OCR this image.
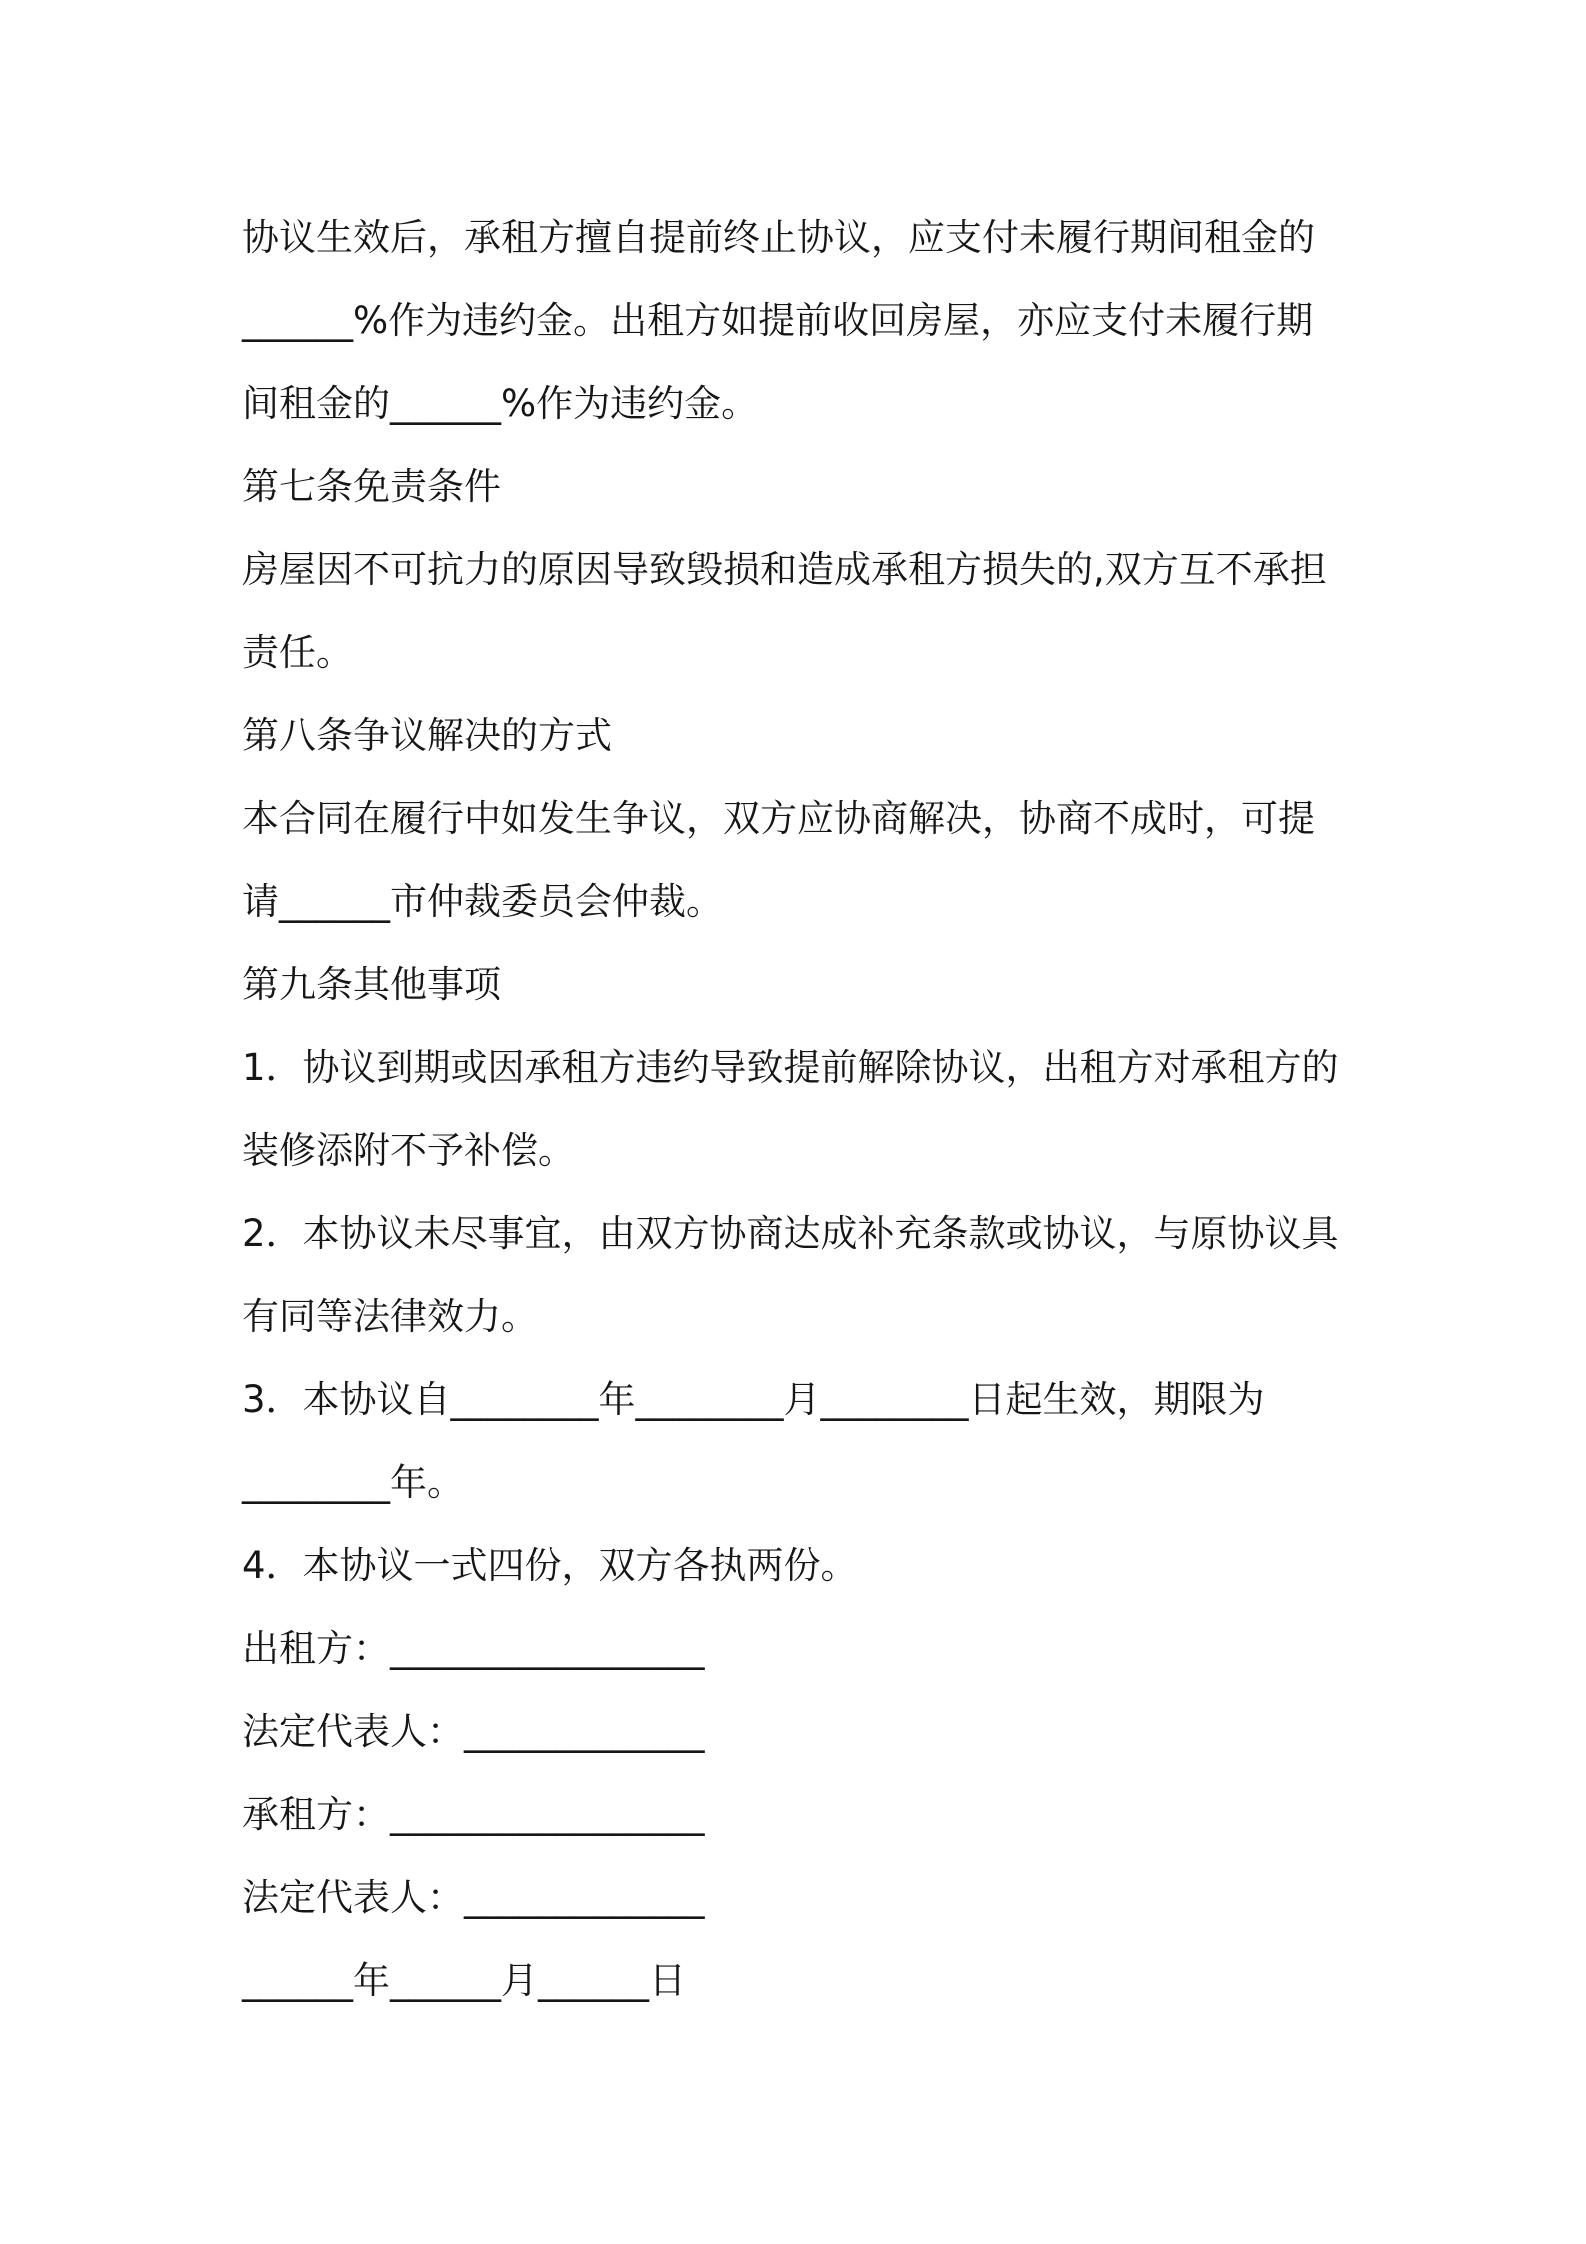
协议生效后，承租方擅自提前终止协议，应支付未履行期间租金的
______%作为违约金。出租方如提前收回房屋，亦应支付未履行期
间租金的______%作为违约金。
第七条免责条件
房屋因不可抗力的原因导致毁损和造成承租方损失的,双方互不承担
责任。
第八条争议解决的方式
本合同在履行中如发生争议，双方应协商解决，协商不成时，可提
请______市仲裁委员会仲裁。
第九条其他事项
1．协议到期或因承租方违约导致提前解除协议，出租方对承租方的
装修添附不予补偿。
2．本协议未尽事宜，由双方协商达成补充条款或协议，与原协议具
有同等法律效力。
3．本协议自________年________月________日起生效，期限为
________年。
4．本协议一式四份，双方各执两份。
出租方：_________________
法定代表人：_____________
承租方：_________________
法定代表人：_____________
______年______月______日
